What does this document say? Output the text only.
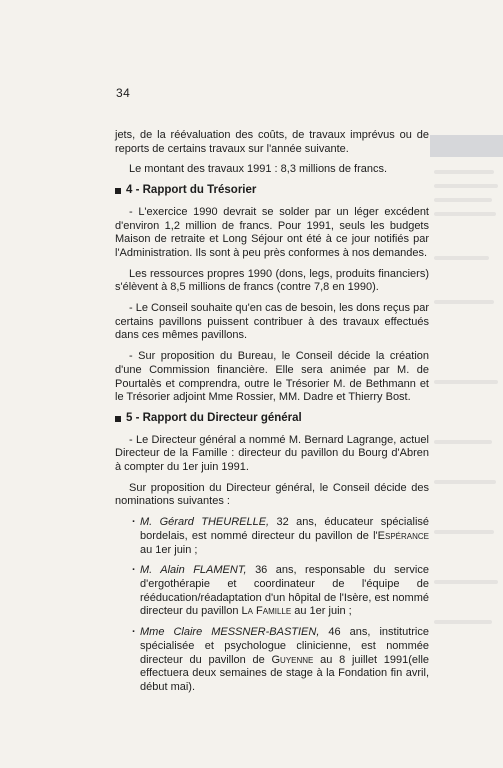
34

jets, de la réévaluation des coûts, de travaux imprévus ou de reports de certains travaux sur l'année suivante.

Le montant des travaux 1991 : 8,3 millions de francs.

4 - Rapport du Trésorier

- L'exercice 1990 devrait se solder par un léger excédent d'environ 1,2 million de francs. Pour 1991, seuls les budgets Maison de retraite et Long Séjour ont été à ce jour notifiés par l'Administration. Ils sont à peu près conformes à nos demandes.

Les ressources propres 1990 (dons, legs, produits financiers) s'élèvent à 8,5 millions de francs (contre 7,8 en 1990).

- Le Conseil souhaite qu'en cas de besoin, les dons reçus par certains pavillons puissent contribuer à des travaux effectués dans ces mêmes pavillons.

- Sur proposition du Bureau, le Conseil décide la création d'une Commission financière. Elle sera animée par M. de Pourtalès et comprendra, outre le Trésorier M. de Bethmann et le Trésorier adjoint Mme Rossier, MM. Dadre et Thierry Bost.

5 - Rapport du Directeur général

- Le Directeur général a nommé M. Bernard Lagrange, actuel Directeur de la Famille : directeur du pavillon du Bourg d'Abren à compter du 1er juin 1991.

Sur proposition du Directeur général, le Conseil décide des nominations suivantes :

· M. Gérard THEURELLE, 32 ans, éducateur spécialisé bordelais, est nommé directeur du pavillon de l'Espérance au 1er juin ;

· M. Alain FLAMENT, 36 ans, responsable du service d'ergothérapie et coordinateur de l'équipe de rééducation/réadaptation d'un hôpital de l'Isère, est nommé directeur du pavillon La Famille au 1er juin ;

· Mme Claire MESSNER-BASTIEN, 46 ans, institutrice spécialisée et psychologue clinicienne, est nommée directeur du pavillon de Guyenne au 8 juillet 1991(elle effectuera deux semaines de stage à la Fondation fin avril, début mai).
